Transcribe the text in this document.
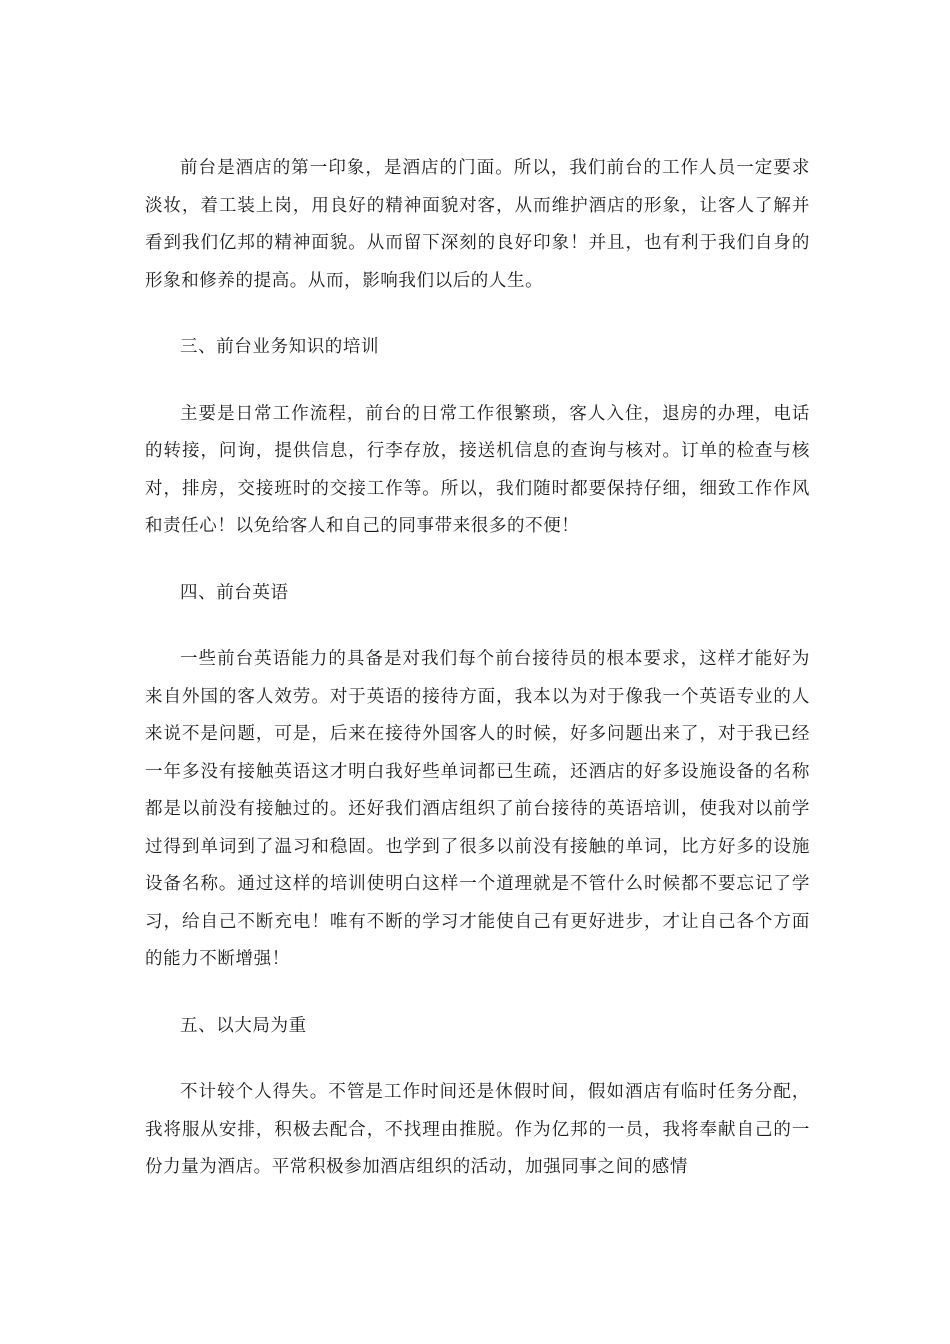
前台是酒店的第一印象，是酒店的门面。所以，我们前台的工作人员一定要求淡妆，着工装上岗，用良好的精神面貌对客，从而维护酒店的形象，让客人了解并看到我们亿邦的精神面貌。从而留下深刻的良好印象！并且，也有利于我们自身的形象和修养的提高。从而，影响我们以后的人生。

三、前台业务知识的培训

主要是日常工作流程，前台的日常工作很繁琐，客人入住，退房的办理，电话的转接，问询，提供信息，行李存放，接送机信息的查询与核对。订单的检查与核对，排房，交接班时的交接工作等。所以，我们随时都要保持仔细，细致工作作风和责任心！以免给客人和自己的同事带来很多的不便！

四、前台英语

一些前台英语能力的具备是对我们每个前台接待员的根本要求，这样才能好为来自外国的客人效劳。对于英语的接待方面，我本以为对于像我一个英语专业的人来说不是问题，可是，后来在接待外国客人的时候，好多问题出来了，对于我已经一年多没有接触英语这才明白我好些单词都已生疏，还酒店的好多设施设备的名称都是以前没有接触过的。还好我们酒店组织了前台接待的英语培训，使我对以前学过得到单词到了温习和稳固。也学到了很多以前没有接触的单词，比方好多的设施设备名称。通过这样的培训使明白这样一个道理就是不管什么时候都不要忘记了学习，给自己不断充电！唯有不断的学习才能使自己有更好进步，才让自己各个方面的能力不断增强！

五、以大局为重

不计较个人得失。不管是工作时间还是休假时间，假如酒店有临时任务分配，我将服从安排，积极去配合，不找理由推脱。作为亿邦的一员，我将奉献自己的一份力量为酒店。平常积极参加酒店组织的活动，加强同事之间的感情
